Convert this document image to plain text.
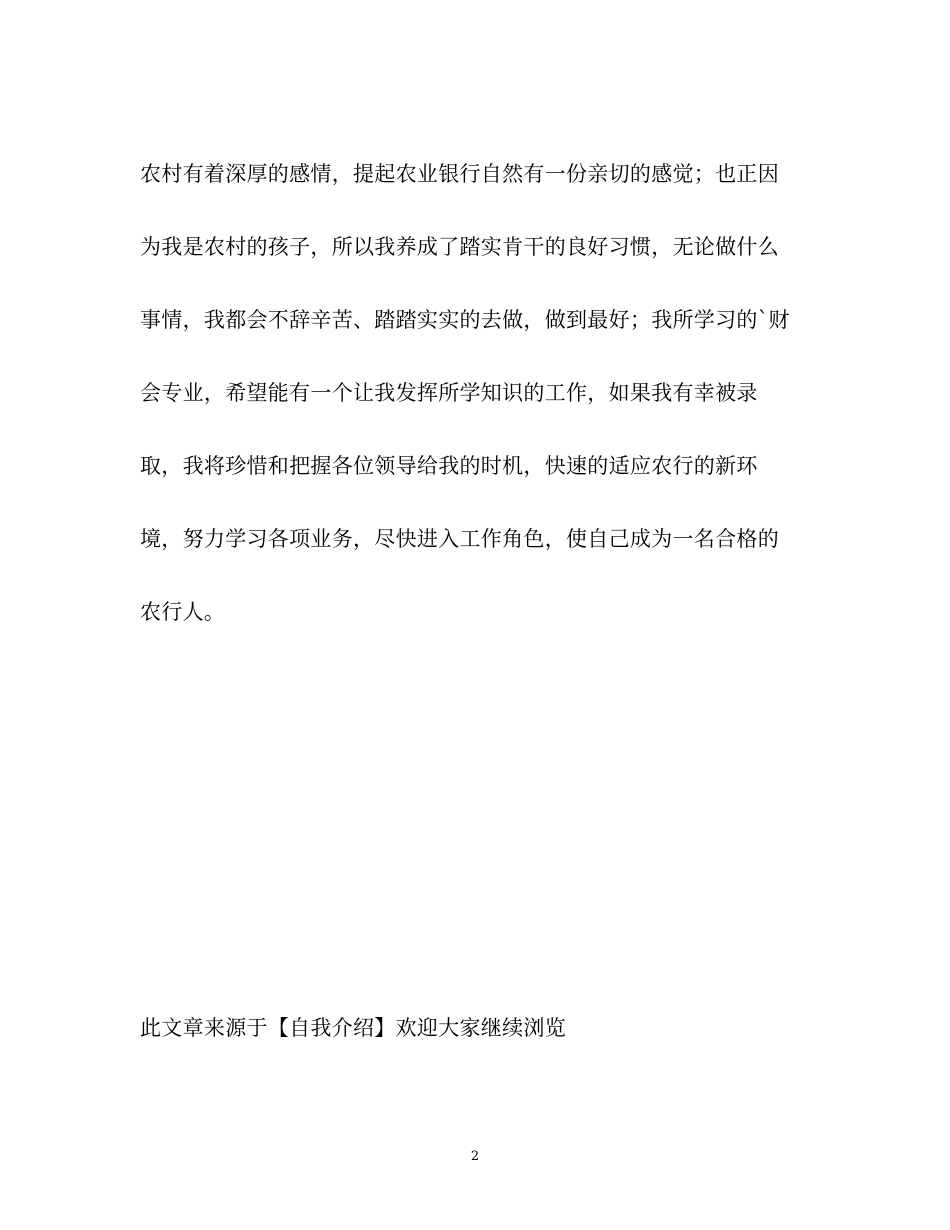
农村有着深厚的感情，提起农业银行自然有一份亲切的感觉；也正因
为我是农村的孩子，所以我养成了踏实肯干的良好习惯，无论做什么
事情，我都会不辞辛苦、踏踏实实的去做，做到最好；我所学习的`财
会专业，希望能有一个让我发挥所学知识的工作，如果我有幸被录
取，我将珍惜和把握各位领导给我的时机，快速的适应农行的新环
境，努力学习各项业务，尽快进入工作角色，使自己成为一名合格的
农行人。
此文章来源于【自我介绍】欢迎大家继续浏览
2
